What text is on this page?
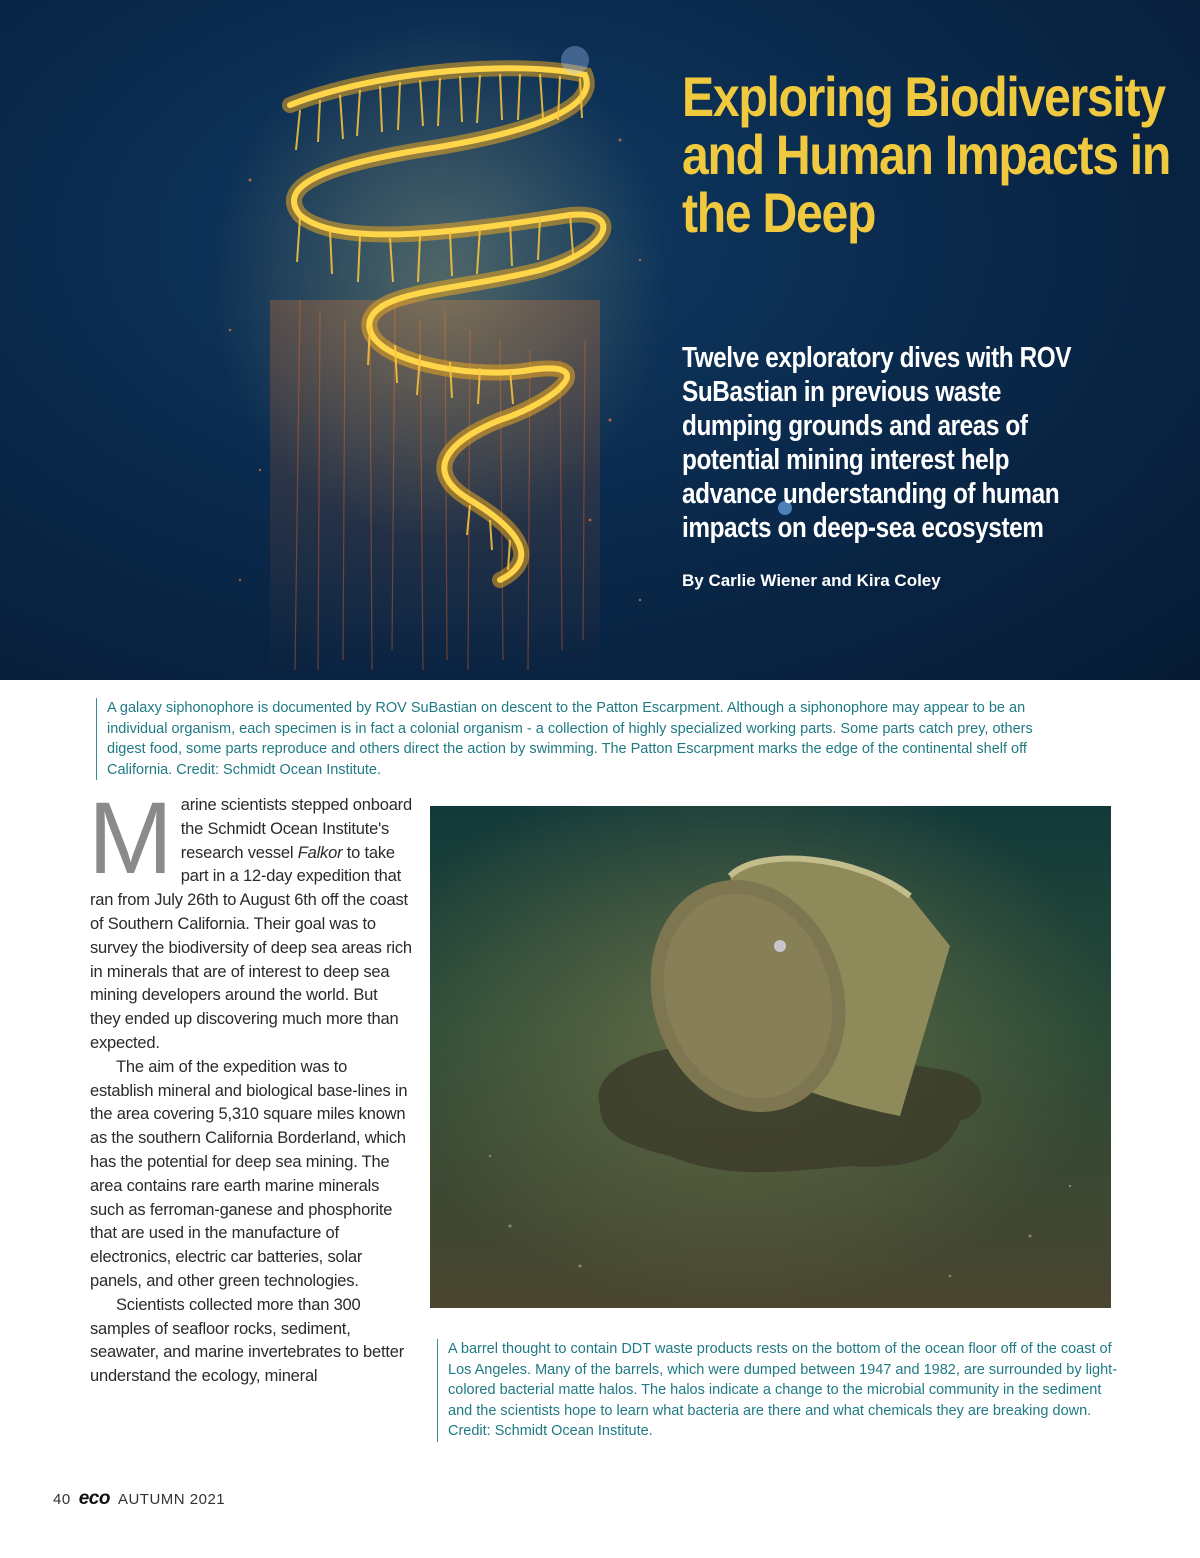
Exploring Biodiversity and Human Impacts in the Deep

Twelve exploratory dives with ROV SuBastian in previous waste dumping grounds and areas of potential mining interest help advance understanding of human impacts on deep-sea ecosystem

By Carlie Wiener and Kira Coley

A galaxy siphonophore is documented by ROV SuBastian on descent to the Patton Escarpment. Although a siphonophore may appear to be an individual organism, each specimen is in fact a colonial organism - a collection of highly specialized working parts. Some parts catch prey, others digest food, some parts reproduce and others direct the action by swimming. The Patton Escarpment marks the edge of the continental shelf off California. Credit: Schmidt Ocean Institute.

Marine scientists stepped onboard the Schmidt Ocean Institute's research vessel Falkor to take part in a 12-day expedition that ran from July 26th to August 6th off the coast of Southern California. Their goal was to survey the biodiversity of deep sea areas rich in minerals that are of interest to deep sea mining developers around the world. But they ended up discovering much more than expected.

The aim of the expedition was to establish mineral and biological base-lines in the area covering 5,310 square miles known as the southern California Borderland, which has the potential for deep sea mining. The area contains rare earth marine minerals such as ferroman-ganese and phosphorite that are used in the manufacture of electronics, electric car batteries, solar panels, and other green technologies.

Scientists collected more than 300 samples of seafloor rocks, sediment, seawater, and marine invertebrates to better understand the ecology, mineral

A barrel thought to contain DDT waste products rests on the bottom of the ocean floor off of the coast of Los Angeles. Many of the barrels, which were dumped between 1947 and 1982, are surrounded by light-colored bacterial matte halos. The halos indicate a change to the microbial community in the sediment and the scientists hope to learn what bacteria are there and what chemicals they are breaking down. Credit: Schmidt Ocean Institute.

40 eco AUTUMN 2021
